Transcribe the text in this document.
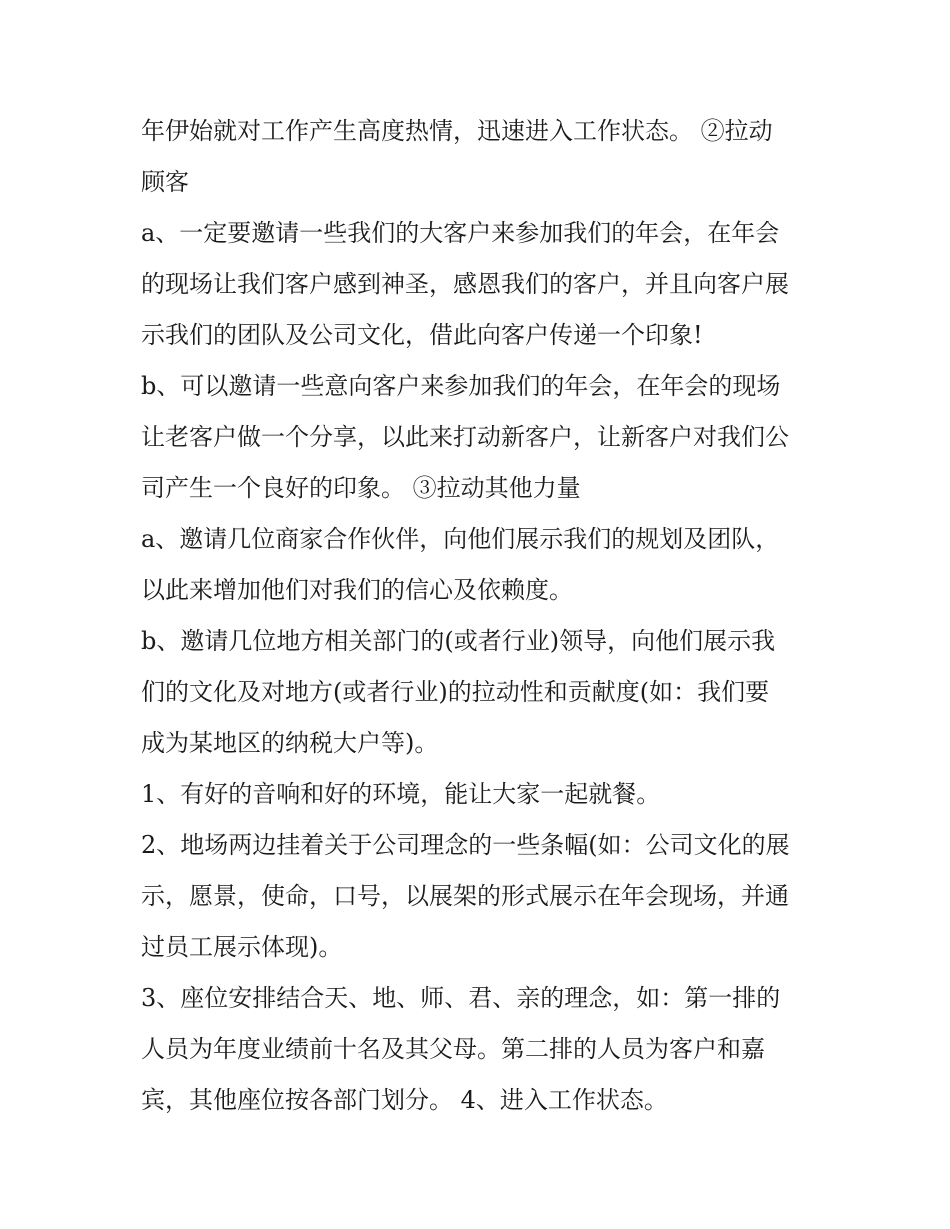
年伊始就对工作产生高度热情，迅速进入工作状态。 ②拉动
顾客
a、一定要邀请一些我们的大客户来参加我们的年会，在年会
的现场让我们客户感到神圣，感恩我们的客户，并且向客户展
示我们的团队及公司文化，借此向客户传递一个印象!
b、可以邀请一些意向客户来参加我们的年会，在年会的现场
让老客户做一个分享，以此来打动新客户，让新客户对我们公
司产生一个良好的印象。 ③拉动其他力量
a、邀请几位商家合作伙伴，向他们展示我们的规划及团队，
以此来增加他们对我们的信心及依赖度。
b、邀请几位地方相关部门的(或者行业)领导，向他们展示我
们的文化及对地方(或者行业)的拉动性和贡献度(如：我们要
成为某地区的纳税大户等)。
1、有好的音响和好的环境，能让大家一起就餐。
2、地场两边挂着关于公司理念的一些条幅(如：公司文化的展
示，愿景，使命，口号，以展架的形式展示在年会现场，并通
过员工展示体现)。
3、座位安排结合天、地、师、君、亲的理念，如：第一排的
人员为年度业绩前十名及其父母。第二排的人员为客户和嘉
宾，其他座位按各部门划分。 4、进入工作状态。
